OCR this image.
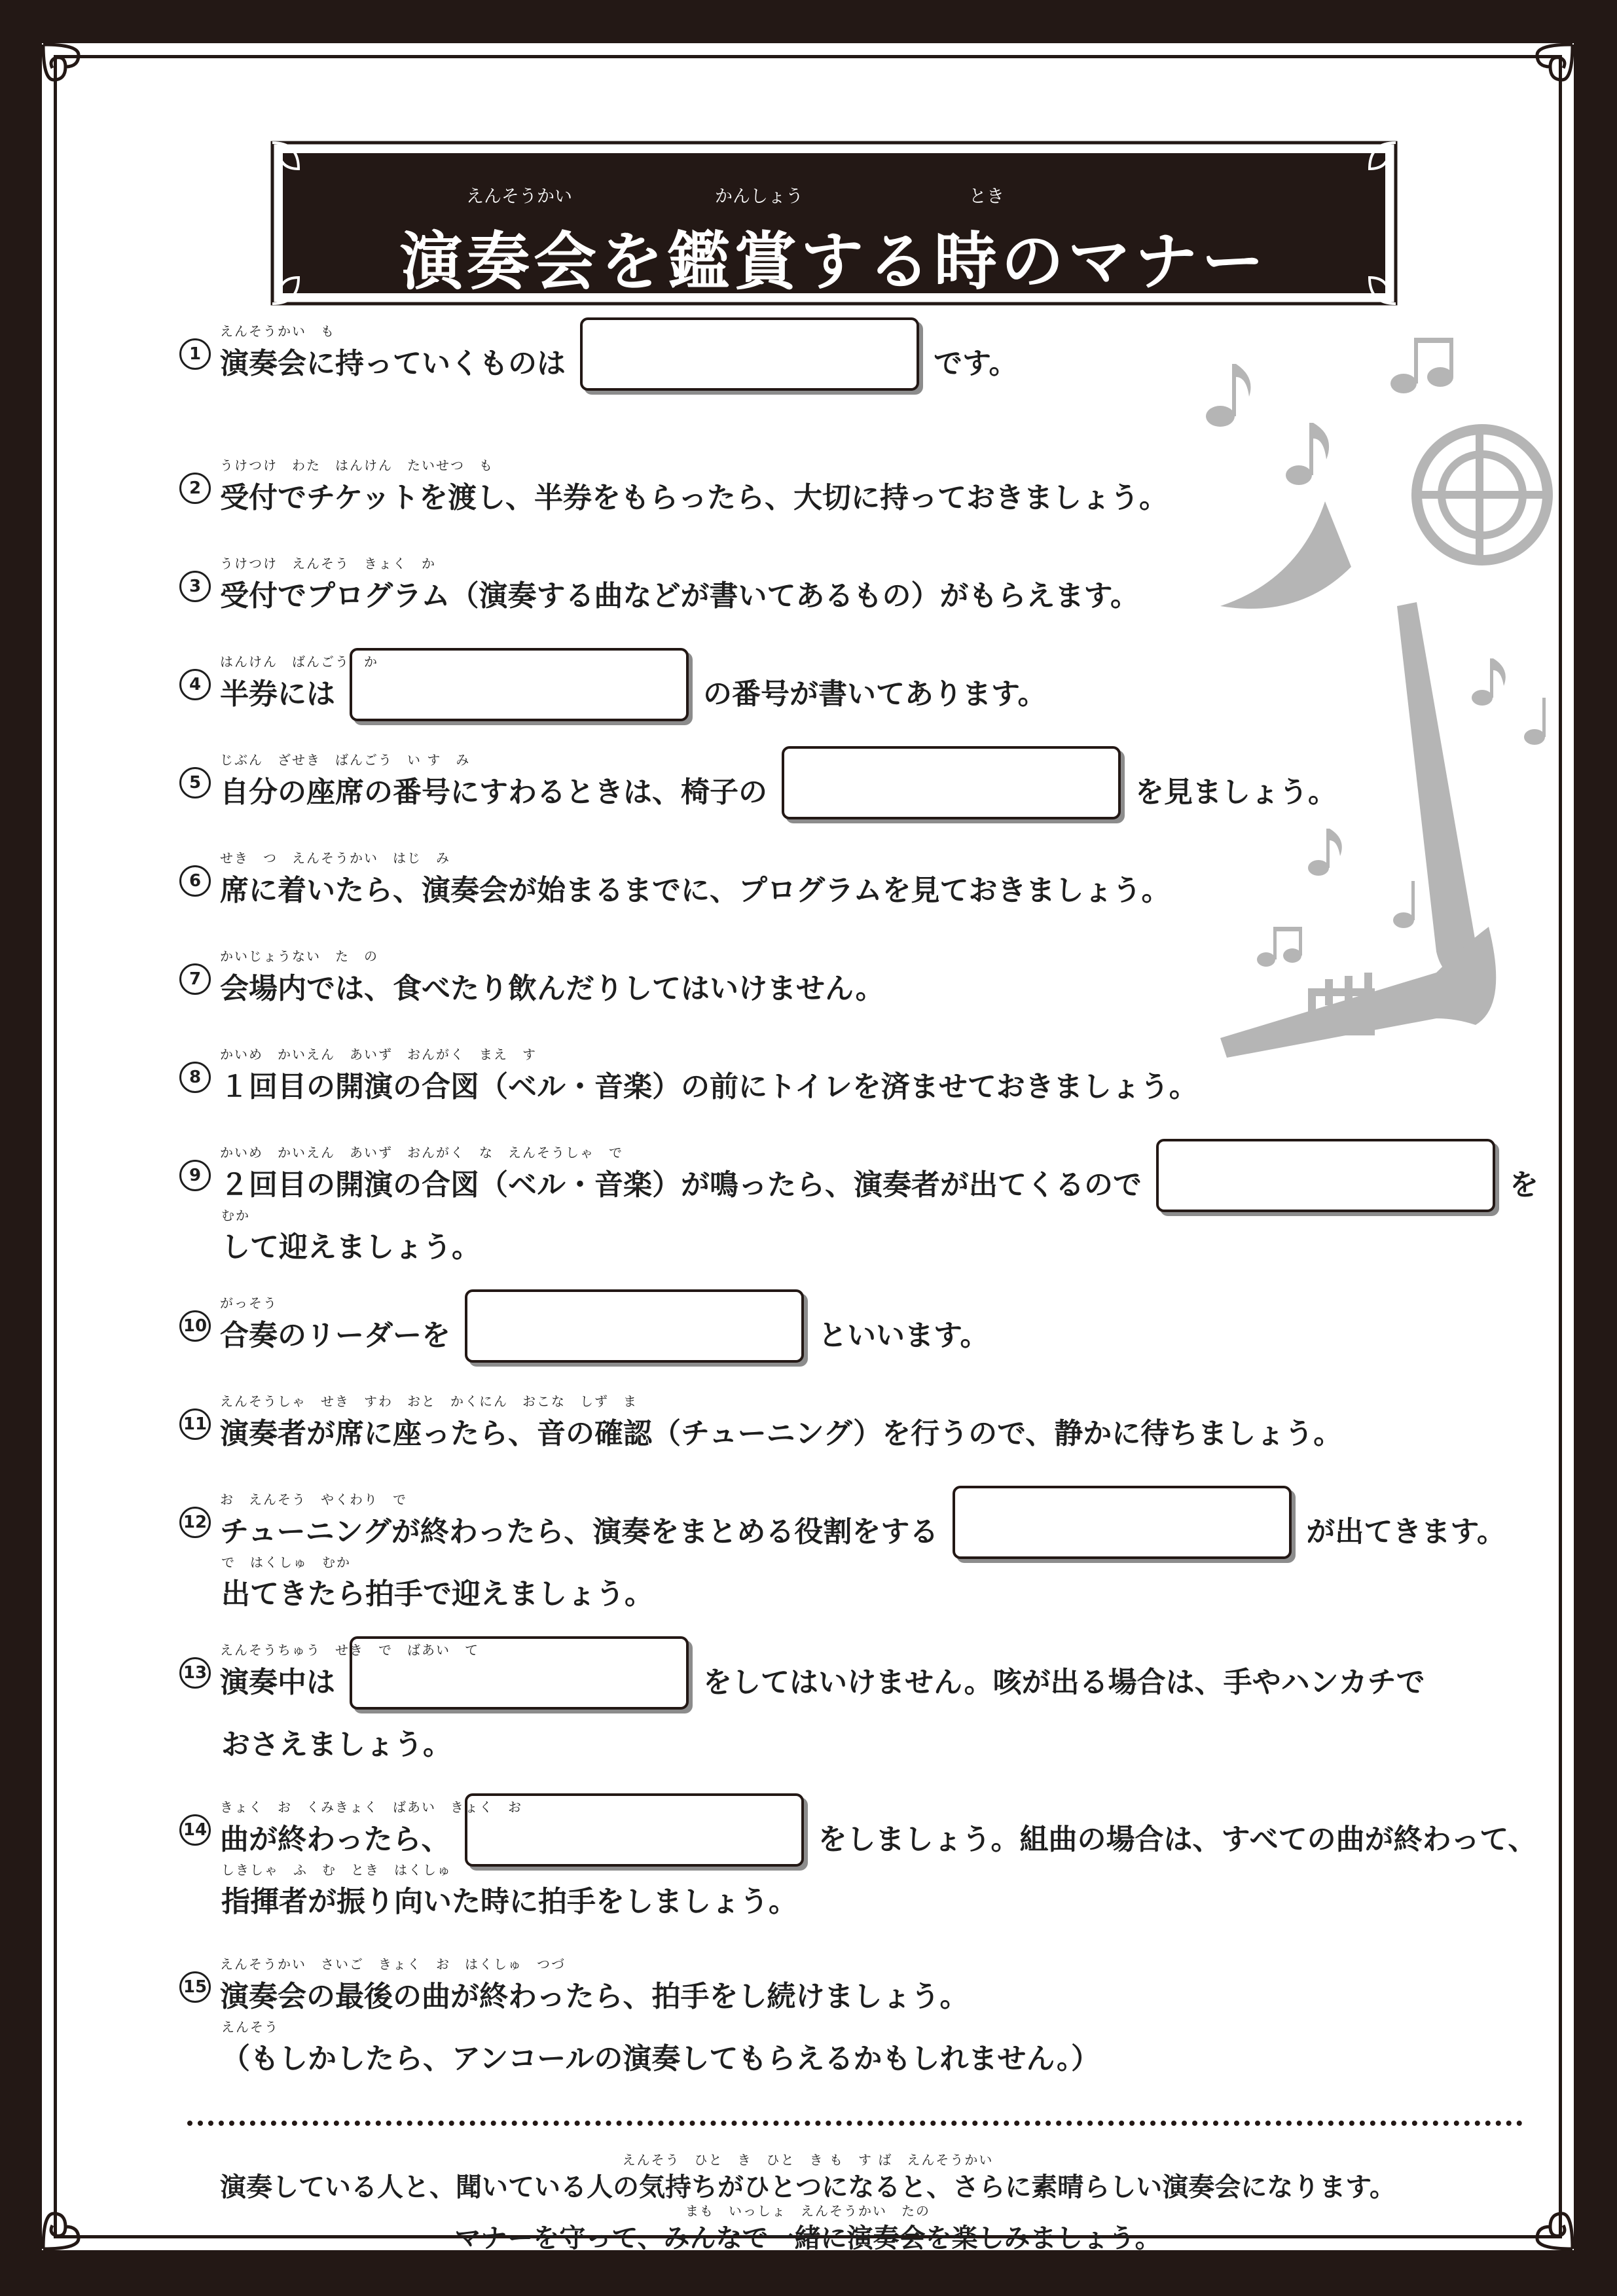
えんそうかい	かんしょう	とき
演奏会を鑑賞する時のマナー
1
えんそうかい　も
演奏会に持っていくものは	です。
2
うけつけ　わた　はんけん　たいせつ　も
受付でチケットを渡し、半券をもらったら、大切に持っておきましょう。
3
うけつけ　えんそう　きょく　か
受付でプログラム（演奏する曲などが書いてあるもの）がもらえます。
4
はんけん　ばんごう　か
半券には	の番号が書いてあります。
5
じぶん　ざせき　ばんごう　い す　み
自分の座席の番号にすわるときは、椅子の	を見ましょう。
6
せき　つ　えんそうかい　はじ　み
席に着いたら、演奏会が始まるまでに、プログラムを見ておきましょう。
7
かいじょうない　た　の
会場内では、食べたり飲んだりしてはいけません。
8
かいめ　かいえん　あいず　おんがく　まえ　す
１回目の開演の合図（ベル・音楽）の前にトイレを済ませておきましょう。
9
かいめ　かいえん　あいず　おんがく　な　えんそうしゃ　で
２回目の開演の合図（ベル・音楽）が鳴ったら、演奏者が出てくるので	を
むか
して迎えましょう。
10
がっそう
合奏のリーダーを	といいます。
11
えんそうしゃ　せき　すわ　おと　かくにん　おこな　しず　ま
演奏者が席に座ったら、音の確認（チューニング）を行うので、静かに待ちましょう。
12
お　えんそう　やくわり　で
チューニングが終わったら、演奏をまとめる役割をする	が出てきます。
で　はくしゅ　むか
出てきたら拍手で迎えましょう。
13
えんそうちゅう　せき　で　ばあい　て
演奏中は	をしてはいけません。咳が出る場合は、手やハンカチで
おさえましょう。
14
きょく　お　くみきょく　ばあい　きょく　お
曲が終わったら、	をしましょう。組曲の場合は、すべての曲が終わって、
しきしゃ　ふ　む　とき　はくしゅ
指揮者が振り向いた時に拍手をしましょう。
15
えんそうかい　さいご　きょく　お　はくしゅ　つづ
演奏会の最後の曲が終わったら、拍手をし続けましょう。
えんそう
（もしかしたら、アンコールの演奏してもらえるかもしれません。）
えんそう　ひと　き　ひと　き も　す ば　えんそうかい
演奏している人と、聞いている人の気持ちがひとつになると、さらに素晴らしい演奏会になります。
まも　いっしょ　えんそうかい　たの
マナーを守って、みんなで一緒に演奏会を楽しみましょう。
